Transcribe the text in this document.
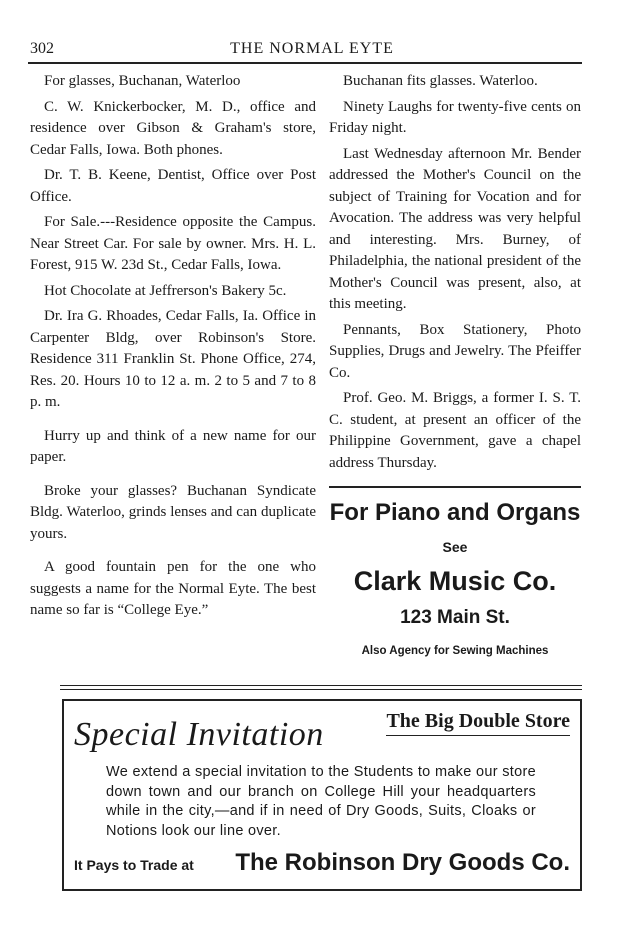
302	THE NORMAL EYTE

For glasses, Buchanan, Waterloo

C. W. Knickerbocker, M. D., office and residence over Gibson & Graham's store, Cedar Falls, Iowa. Both phones.

Dr. T. B. Keene, Dentist, Office over Post Office.

For Sale.---Residence opposite the Campus. Near Street Car. For sale by owner. Mrs. H. L. Forest, 915 W. 23d St., Cedar Falls, Iowa.

Hot Chocolate at Jeffrerson's Bakery 5c.

Dr. Ira G. Rhoades, Cedar Falls, Ia. Office in Carpenter Bldg, over Robinson's Store. Residence 311 Franklin St. Phone Office, 274, Res. 20. Hours 10 to 12 a. m. 2 to 5 and 7 to 8 p. m.

Hurry up and think of a new name for our paper.

Broke your glasses? Buchanan Syndicate Bldg. Waterloo, grinds lenses and can duplicate yours.

A good fountain pen for the one who suggests a name for the Normal Eyte. The best name so far is “College Eye.”

Buchanan fits glasses. Waterloo.

Ninety Laughs for twenty-five cents on Friday night.

Last Wednesday afternoon Mr. Bender addressed the Mother's Council on the subject of Training for Vocation and for Avocation. The address was very helpful and interesting. Mrs. Burney, of Philadelphia, the national president of the Mother's Council was present, also, at this meeting.

Pennants, Box Stationery, Photo Supplies, Drugs and Jewelry. The Pfeiffer Co.

Prof. Geo. M. Briggs, a former I. S. T. C. student, at present an officer of the Philippine Government, gave a chapel address Thursday.

For Piano and Organs
See
Clark Music Co.
123 Main St.
Also Agency for Sewing Machines
Special Invitation	The Big Double Store

We extend a special invitation to the Students to make our store down town and our branch on College Hill your headquarters while in the city,—and if in need of Dry Goods, Suits, Cloaks or Notions look our line over.

It Pays to Trade at The Robinson Dry Goods Co.
